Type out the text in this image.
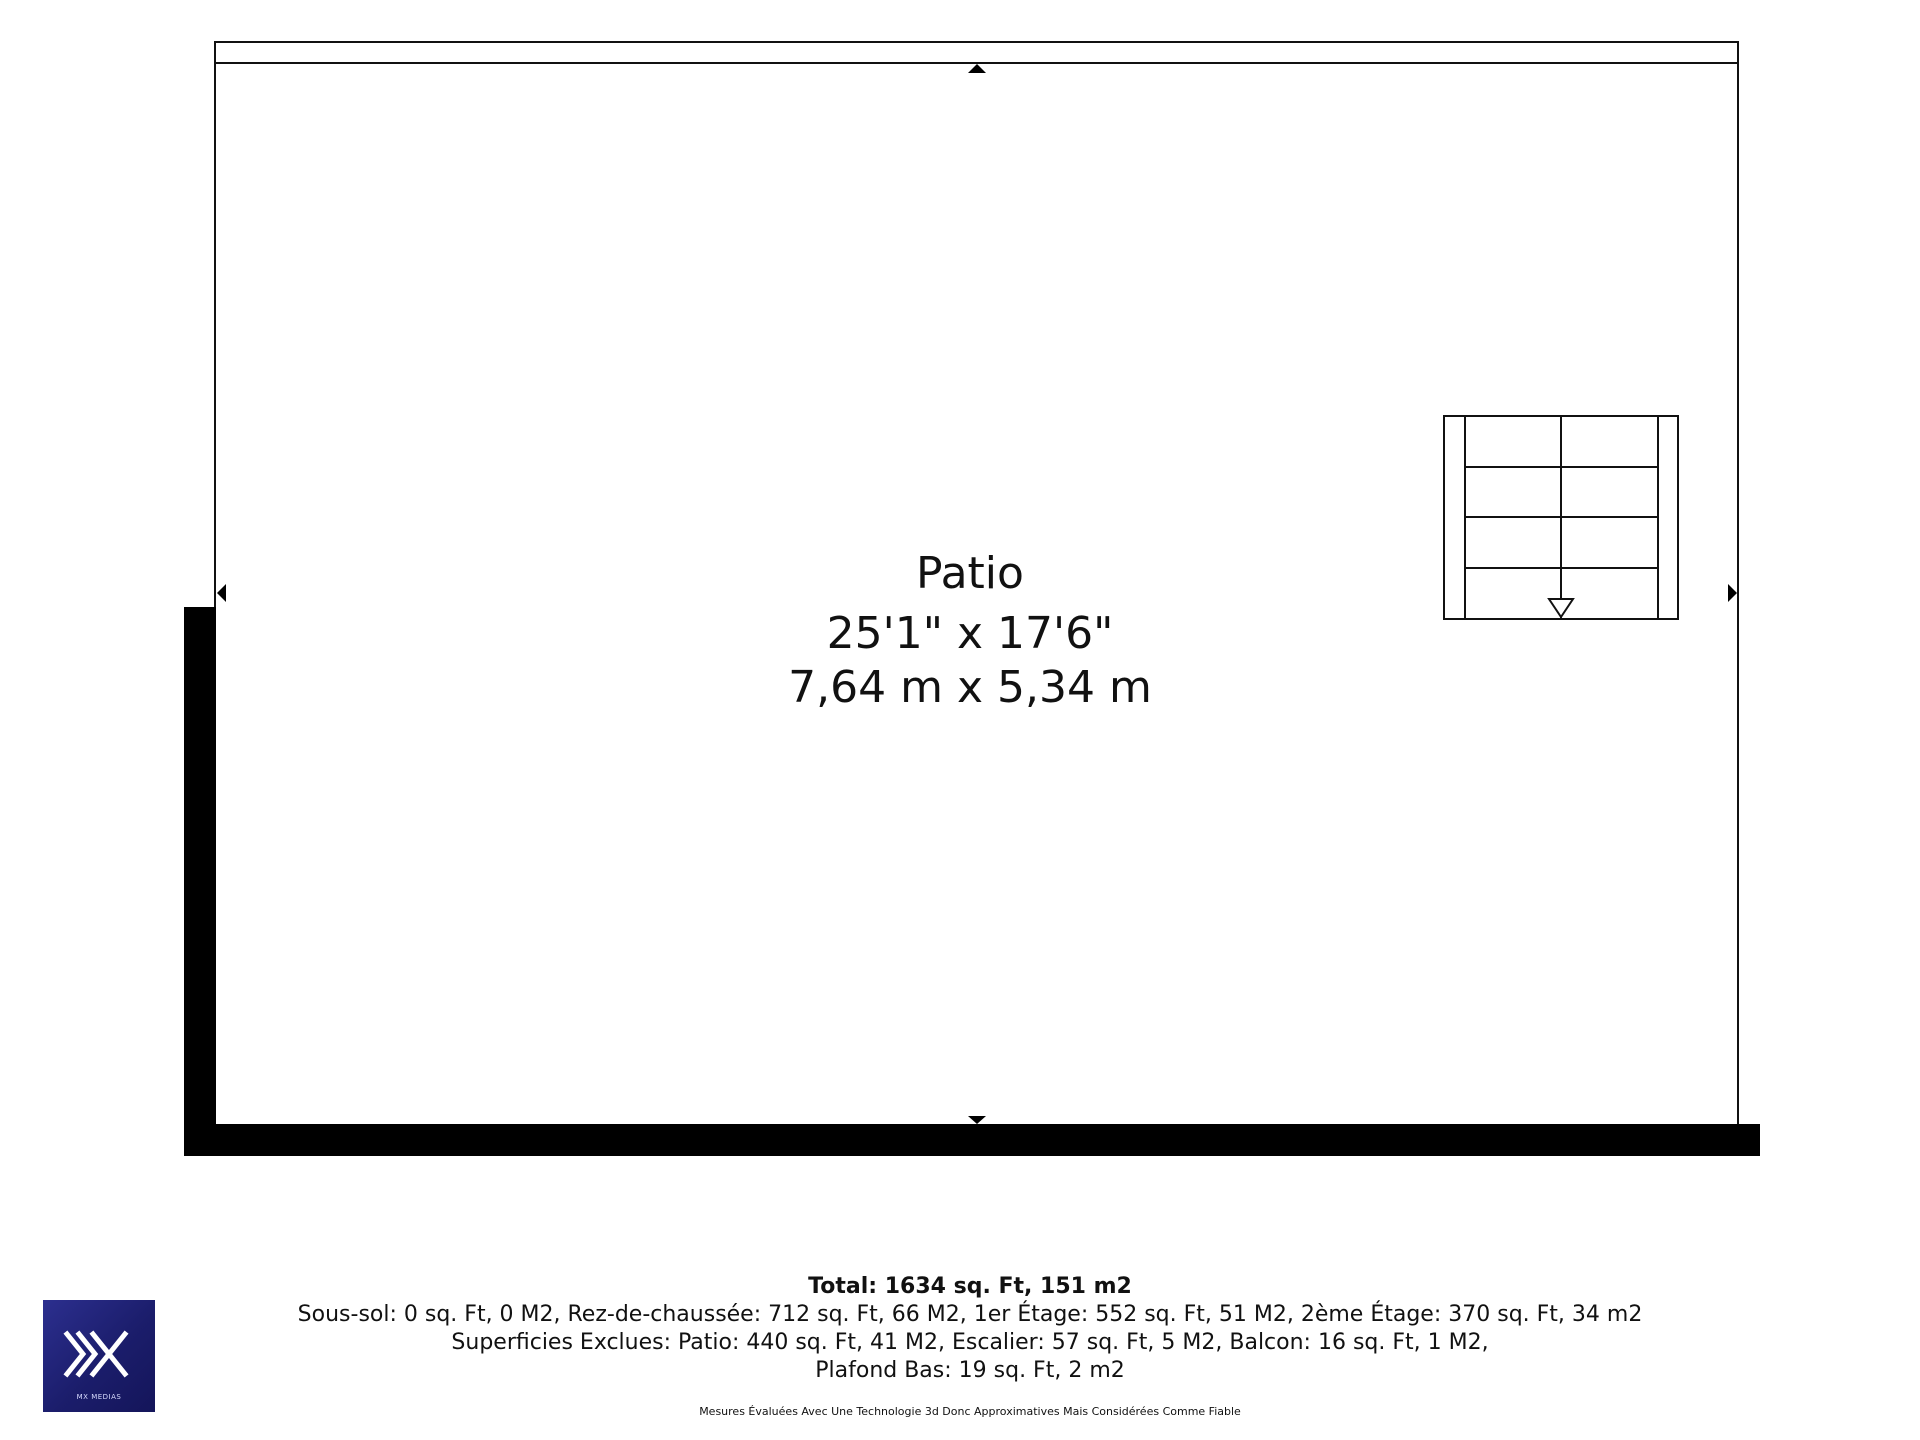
Patio
25'1" x 17'6"
7,64 m x 5,34 m
Total: 1634 sq. Ft, 151 m2
Sous-sol: 0 sq. Ft, 0 M2, Rez-de-chaussée: 712 sq. Ft, 66 M2, 1er Étage: 552 sq. Ft, 51 M2, 2ème Étage: 370 sq. Ft, 34 m2
Superficies Exclues: Patio: 440 sq. Ft, 41 M2, Escalier: 57 sq. Ft, 5 M2, Balcon: 16 sq. Ft, 1 M2,
Plafond Bas: 19 sq. Ft, 2 m2
Mesures Évaluées Avec Une Technologie 3d Donc Approximatives Mais Considérées Comme Fiable
MX MEDIAS
